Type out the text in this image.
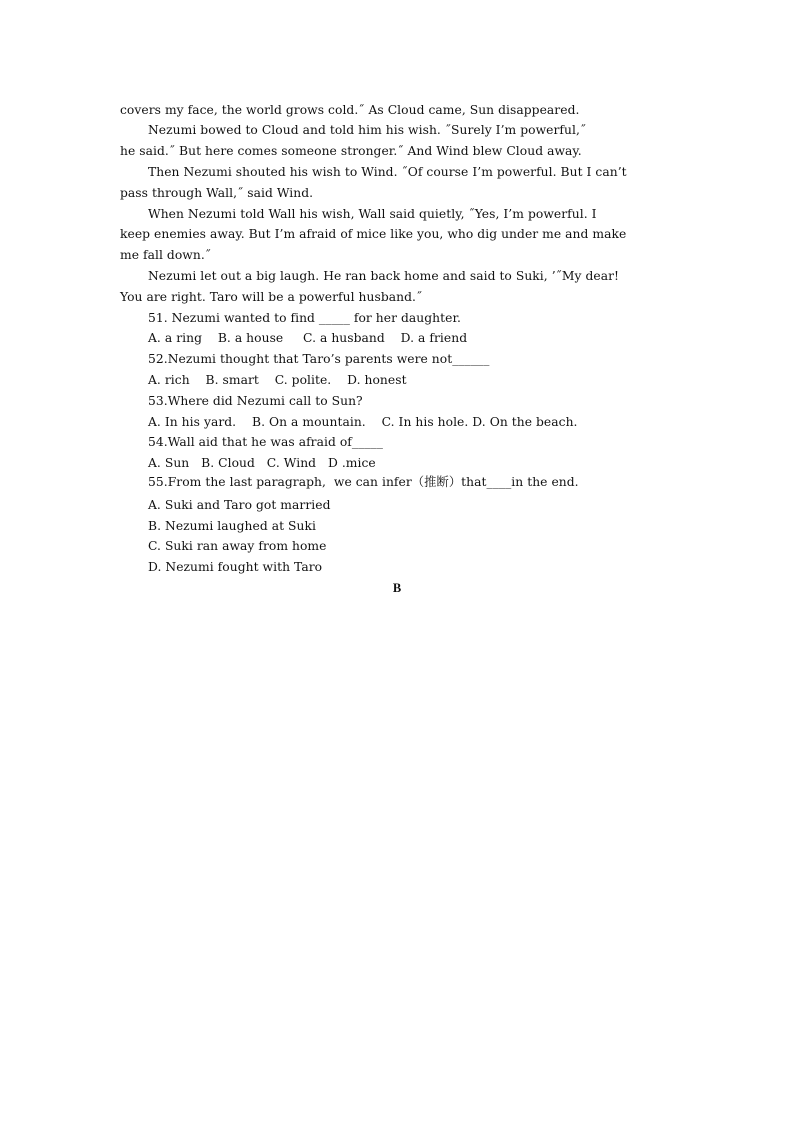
covers my face, the world grows cold.˝ As Cloud came, Sun disappeared.
Nezumi bowed to Cloud and told him his wish. ˝Surely I’m powerful,˝
he said.˝ But here comes someone stronger.˝ And Wind blew Cloud away.
Then Nezumi shouted his wish to Wind. ˝Of course I’m powerful. But I can’t
pass through Wall,˝ said Wind.
When Nezumi told Wall his wish, Wall said quietly, ˝Yes, I’m powerful. I
keep enemies away. But I’m afraid of mice like you, who dig under me and make
me fall down.˝
Nezumi let out a big laugh. He ran back home and said to Suki, ’˝My dear!
You are right. Taro will be a powerful husband.˝
51. Nezumi wanted to find _____ for her daughter.
A. a ring    B. a house     C. a husband    D. a friend
52.Nezumi thought that Taro’s parents were not______
A. rich    B. smart    C. polite.    D. honest
53.Where did Nezumi call to Sun?
A. In his yard.    B. On a mountain.    C. In his hole. D. On the beach.
54.Wall aid that he was afraid of_____
A. Sun   B. Cloud   C. Wind   D .mice
55.From the last paragraph,  we can infer（推断）that____in the end.
A. Suki and Taro got married
B. Nezumi laughed at Suki
C. Suki ran away from home
D. Nezumi fought with Taro
B
